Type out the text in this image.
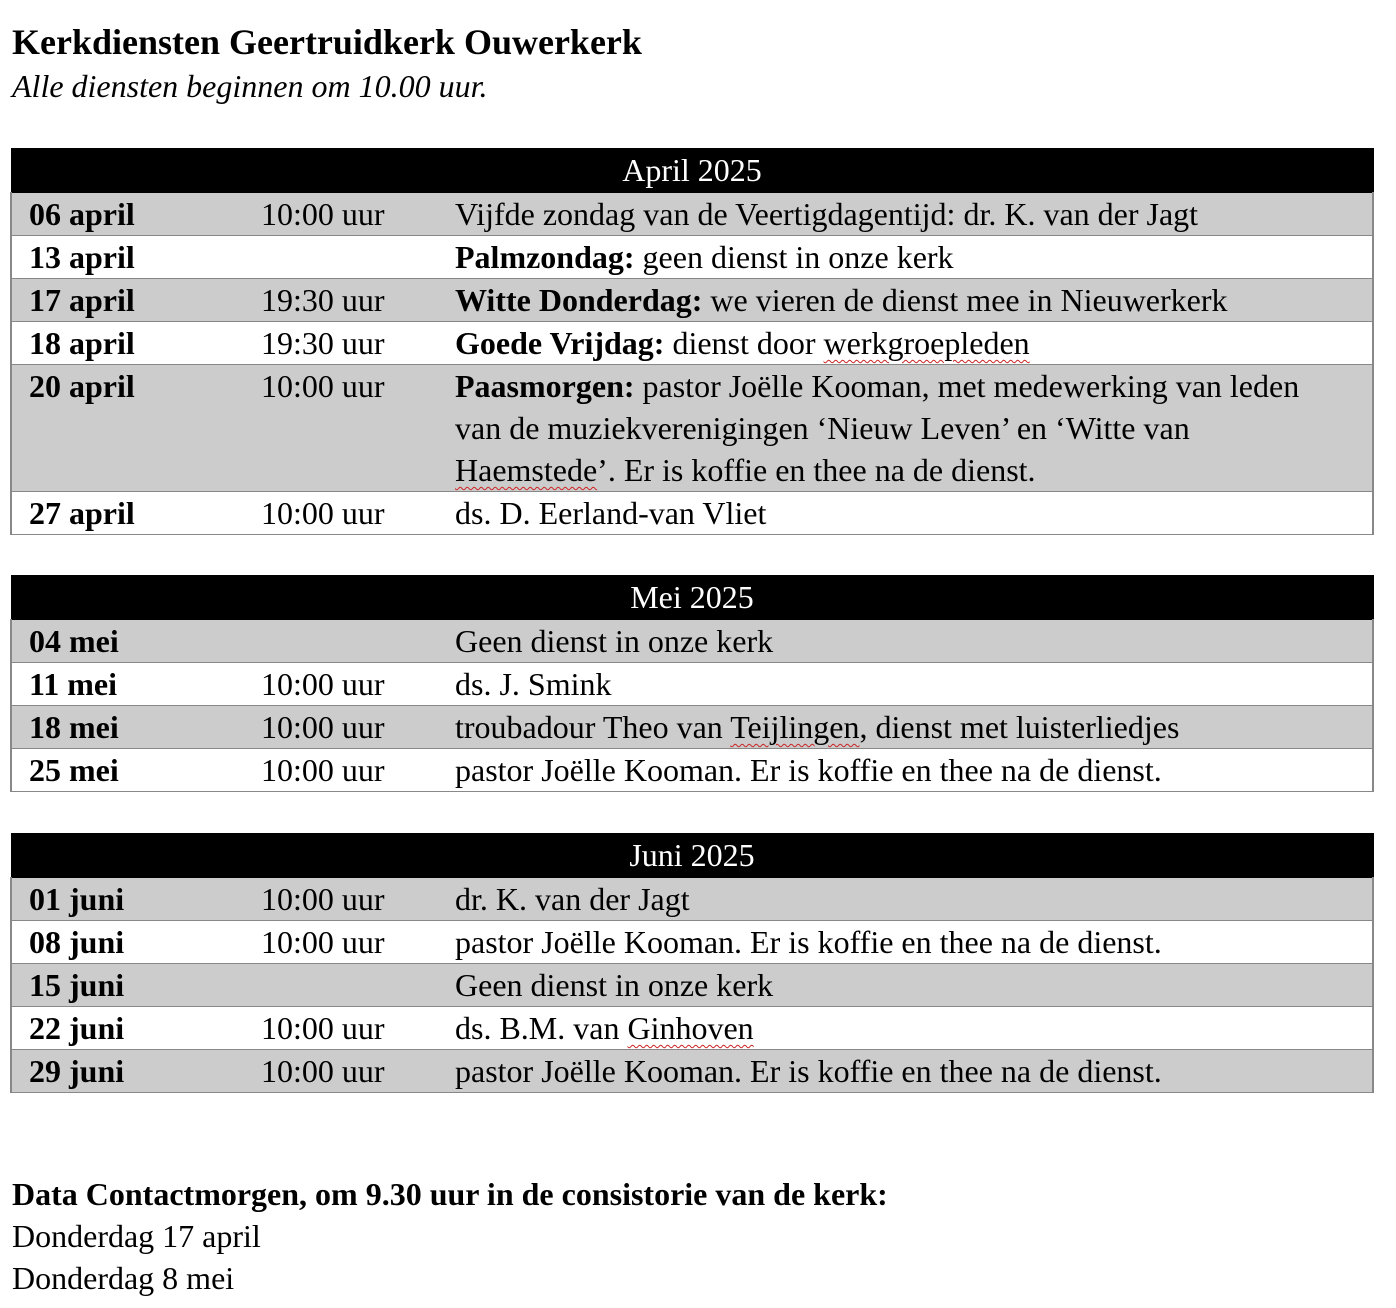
Kerkdiensten Geertruidkerk Ouwerkerk
Alle diensten beginnen om 10.00 uur.
April 2025		
06 april	10:00 uur	Vijfde zondag van de Veertigdagentijd: dr. K. van der Jagt
13 april		Palmzondag: geen dienst in onze kerk
17 april	19:30 uur	Witte Donderdag: we vieren de dienst mee in Nieuwerkerk
18 april	19:30 uur	Goede Vrijdag: dienst door werkgroepleden
20 april	10:00 uur	Paasmorgen: pastor Joëlle Kooman, met medewerking van leden van de muziekverenigingen ‘Nieuw Leven’ en ‘Witte van Haemstede’. Er is koffie en thee na de dienst.
27 april	10:00 uur	ds. D. Eerland-van Vliet
Mei 2025		
04 mei		Geen dienst in onze kerk
11 mei	10:00 uur	ds. J. Smink
18 mei	10:00 uur	troubadour Theo van Teijlingen, dienst met luisterliedjes
25 mei	10:00 uur	pastor Joëlle Kooman. Er is koffie en thee na de dienst.
Juni 2025		
01 juni	10:00 uur	dr. K. van der Jagt
08 juni	10:00 uur	pastor Joëlle Kooman. Er is koffie en thee na de dienst.
15 juni		Geen dienst in onze kerk
22 juni	10:00 uur	ds. B.M. van Ginhoven
29 juni	10:00 uur	pastor Joëlle Kooman. Er is koffie en thee na de dienst.
Data Contactmorgen, om 9.30 uur in de consistorie van de kerk:
Donderdag 17 april
Donderdag 8 mei
